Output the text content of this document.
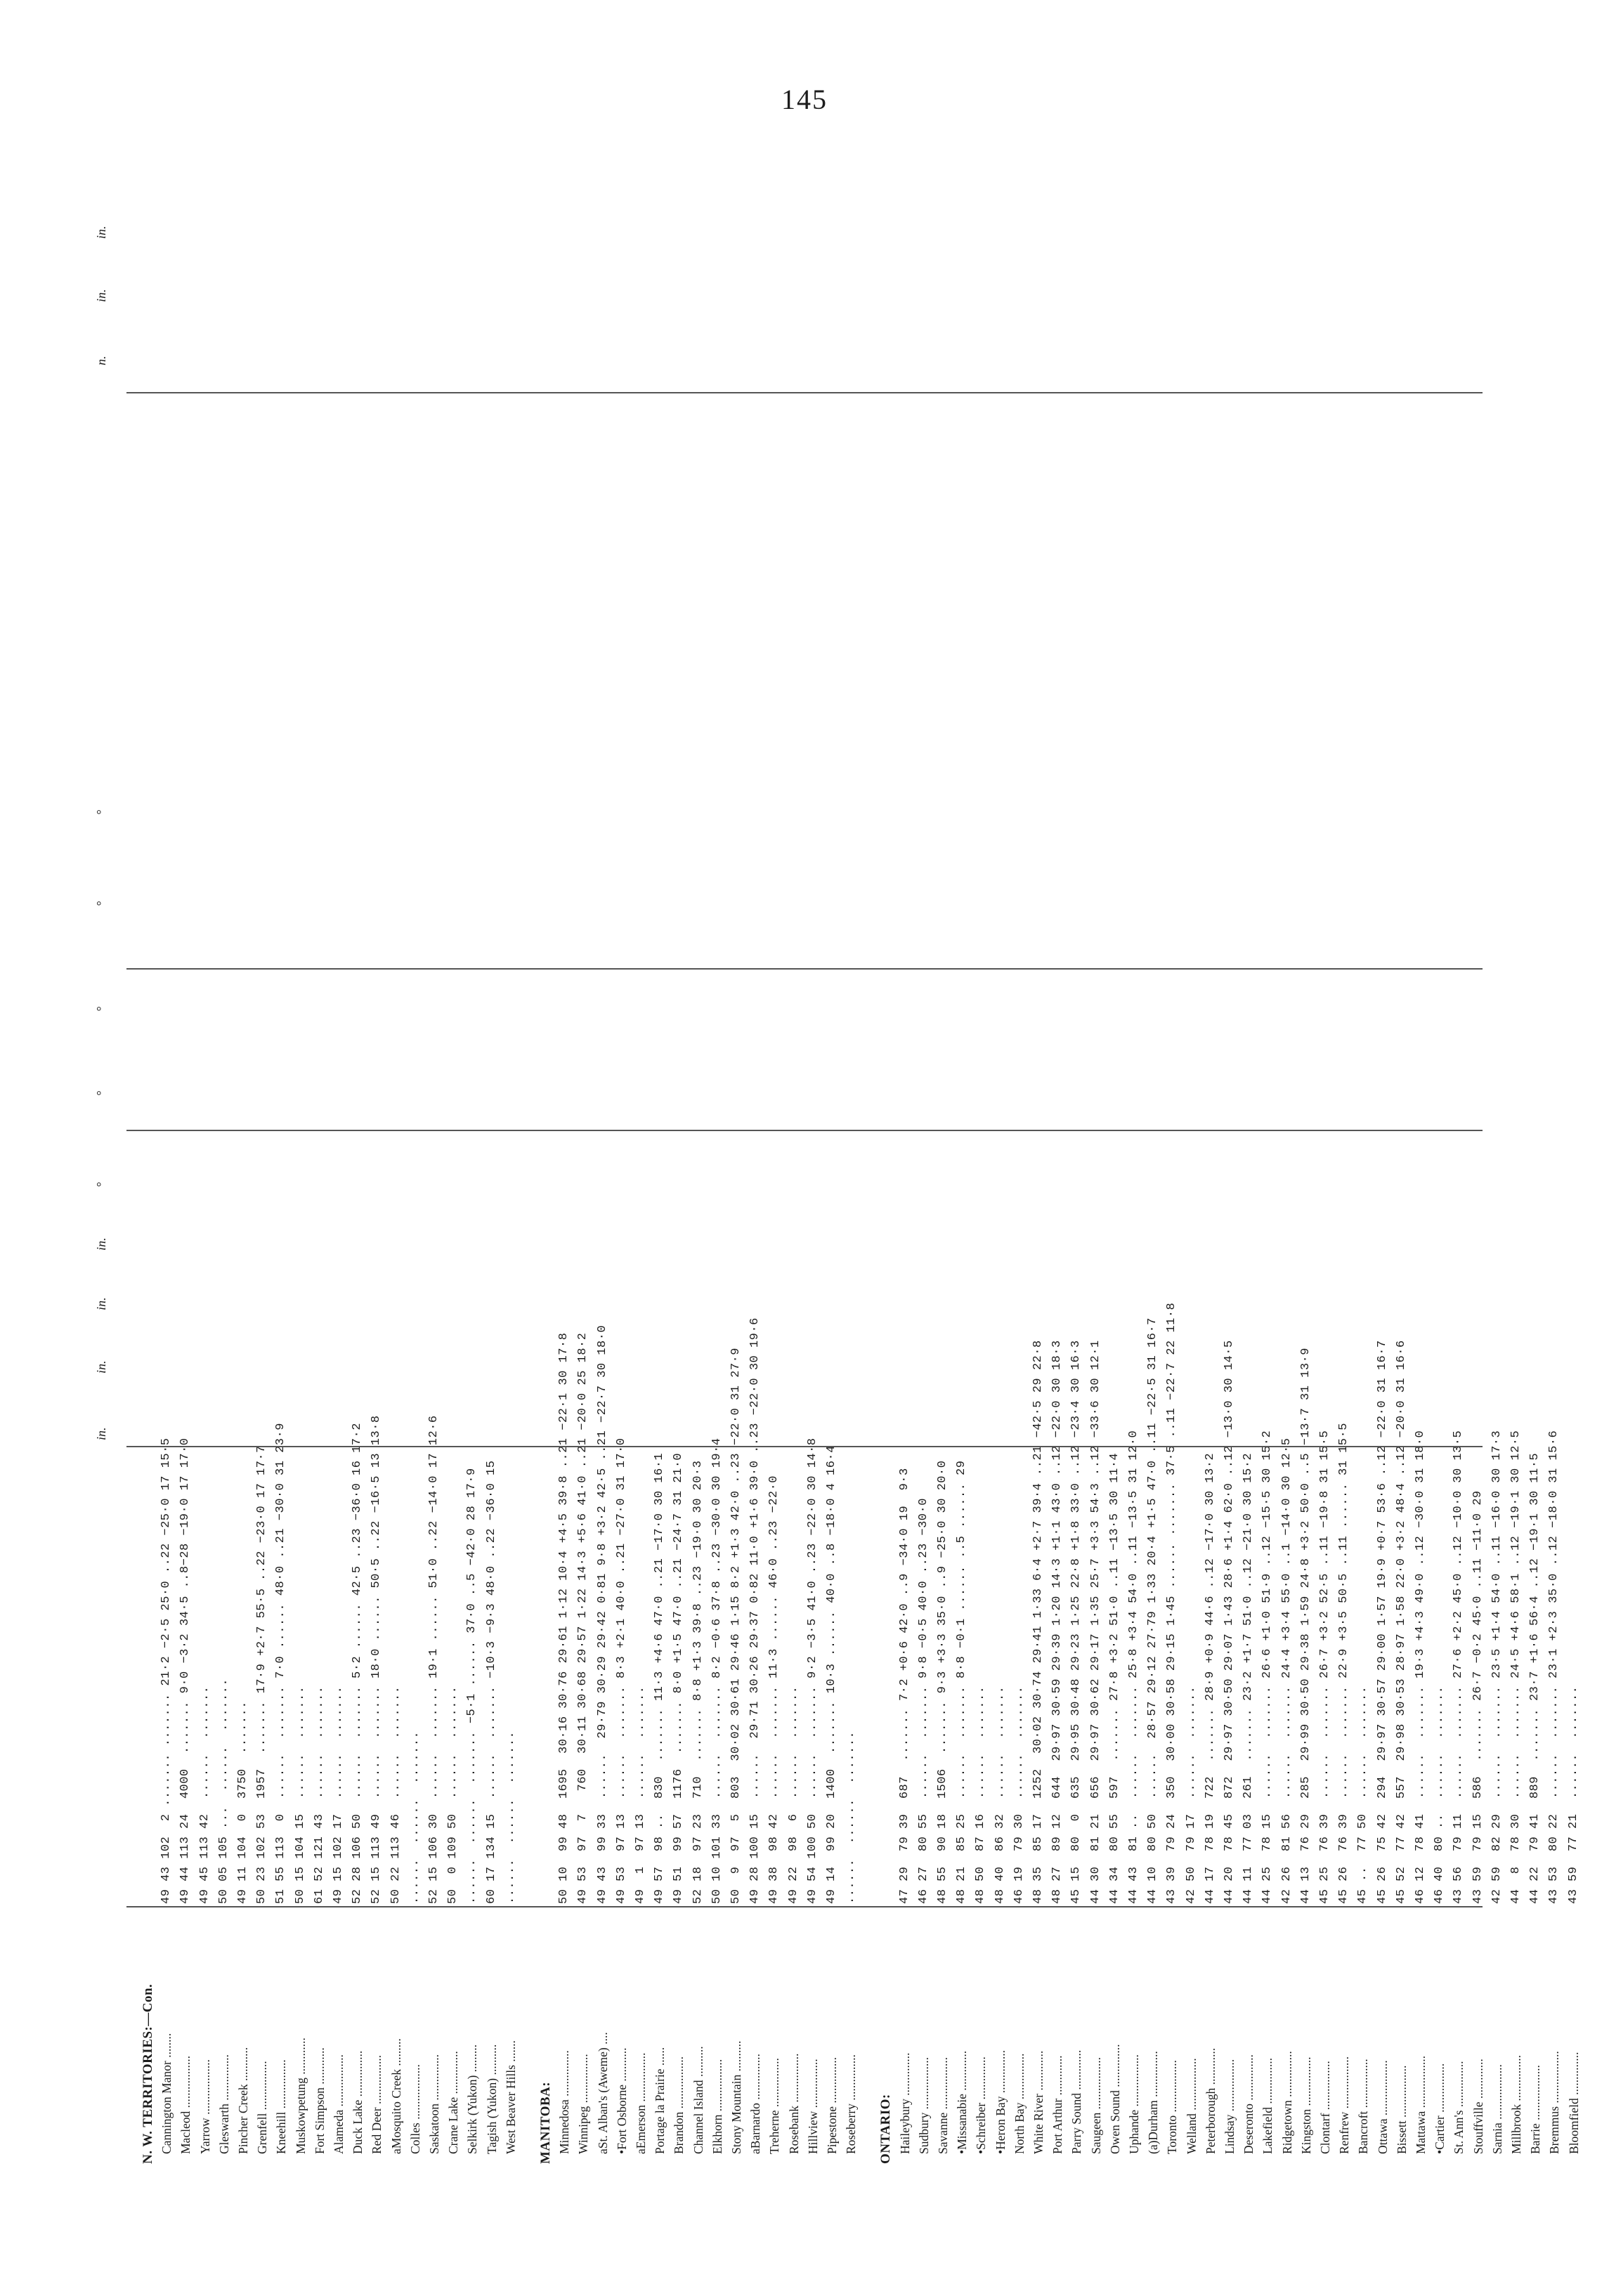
145
in.
in.
in.
in.
°
°
°
°
°
n.
in.
in.
N. W. TERRITORIES:—Con. Cannington Manor ........
49 43 102  2 ....... ....... 21·2 −2·5 25·0 ..22 −25·0 17 15·5
Macleod .................
49 44 113 24  4000  ....... 9·0 −3·2 34·5 ..8−28 −19·0 17 17·0
Yarrow ..................
49 45 113 42  ......  .......
Gleswarth ...............
50 05 105 ...  ......  .......
Pincher Creek ...........
49 11 104  0  3750  .......
Grenfell ................
50 23 102 53  1957  ....... 17·9 +2·7 55·5 ..22 −23·0 17 17·7
Kneehill ................
51 55 113  0  ......  ....... 7·0 ...... 48·0 ..21 −30·0 31 23·9
Muskowpetung ............
50 15 104 15  ......  .......
Fort Simpson ............
61 52 121 43  ......  .......
Alameda .................
49 15 102 17  ......  .......
Duck Lake ...............
52 28 106 50  ......  ....... 5·2 ...... 42·5 ..23 −36·0 16 17·2
Red Deer ................
52 15 113 49  ......  ....... 18·0 ...... 50·5 ..22 −16·5 13 13·8
aMosquito Creek .........
50 22 113 46  ......  .......
Colles ..................
......  ......  .......
Saskatoon ...............
52 15 106 30  ......  ....... 19·1 ...... 51·0 ..22 −14·0 17 12·6
Crane Lake ..............
50  0 109 50  ......  .......
Selkirk (Yukon) .........
......  ......  ....... −5·1 ...... 37·0 ..5 −42·0 28 17·9
Tagish (Yukon) ..........
60 17 134 15  ......  ....... −10·3 −9·3 48·0 ..22 −36·0 15
West Beaver Hills .......
......  ......  .......
MANITOBA: Minnedosa ...............
50 10  99 48  1695  30·16 30·76 29·61 1·12 10·4 +4·5 39·8 ..21 −22·1 30 17·8
Winnipeg ................
49 53  97  7   760  30·11 30·68 29·57 1·22 14·3 +5·6 41·0 ..21 −20·0 25 18·2
aSt. Alban's (Aweme) ....
49 43  99 33  ......  29·79 30·29 29·42 0·81 9·8 +3·2 42·5 ..21 −22·7 30 18·0
•Fort Osborne ...........
49 53  97 13  ......  ....... 8·3 +2·1 40·0 ..21 −27·0 31 17·0
aEmerson ................
49  1  97 13  ......  .......
Portage la Prairie ......
49 57  98 ..  830  ....... 11·3 +4·6 47·0 ..21 −17·0 30 16·1
Brandon .................
49 51  99 57  1176  ....... 8·0 +1·5 47·0 ..21 −24·7 31 21·0
Channel Island ..........
52 18  97 23  710  ....... 8·8 +1·3 39·8 ..23 −19·0 30 20·3
Elkhorn .................
50 10 101 33  ......  ....... 8·2 −0·6 37·8 ..23 −30·0 30 19·4
Stony Mountain ..........
50  9  97  5  803  30·02 30·61 29·46 1·15 8·2 +1·3 42·0 ..23 −22·0 31 27·9
aBarnardo ...............
49 28 100 15  ......  29·71 30·26 29·37 0·82 11·0 +1·6 39·0 ..23 −22·0 30 19·6
Treherne ................
49 38  98 42  ......  ....... 11·3 ...... 46·0 ..23 −22·0
Rosebank ................
49 22  98  6  ......  .......
Hillview ................
49 54 100 50  ......  ....... 9·2 −3·5 41·0 ..23 −22·0 30 14·8
Pipestone ...............
49 14  99 20  1400  ....... 10·3 ...... 40·0 ..8 −18·0 4 16·4
Roseberry ...............
......  ......  .......
ONTARIO: Haileybury ..............
47 29  79 39  687  ....... 7·2 +0·6 42·0 ..9 −34·0 19  9·3
Sudbury .................
46 27  80 55  ......  ....... 9·8 −0·5 40·0 ..23 −30·0
Savanne .................
48 55  90 18  1506  ....... 9·3 +3·3 35·0 ..9 −25·0 30 20·0
•Missanabie .............
48 21  85 25  ......  ....... 8·8 −0·1 ...... ..5 ...... 29
•Schreiber ..............
48 50  87 16  ......  .......
•Heron Bay ..............
48 40  86 32  ......  .......
North Bay ...............
46 19  79 30  ......  .......
White River .............
48 35  85 17  1252  30·02 30·74 29·41 1·33 6·4 +2·7 39·4 ..21 −42·5 29 22·8
Port Arthur .............
48 27  89 12  644  29·97 30·59 29·39 1·20 14·3 +1·1 43·0 ..12 −22·0 30 18·3
Parry Sound .............
45 15  80  0  635  29·95 30·48 29·23 1·25 22·8 +1·8 33·0 ..12 −23·4 30 16·3
Saugeen .................
44 30  81 21  656  29·97 30·62 29·17 1·35 25·7 +3·3 54·3 ..12 −33·6 30 12·1
Owen Sound ..............
44 34  80 55  597  ....... 27·8 +3·2 51·0 ..11 −13·5 30 11·4
Uphande .................
44 43  81 ..  ......  ....... 25·8 +3·4 54·0 ..11 −13·5 31 12·0
(a)Durham ...............
44 10  80 50  ......  28·57 29·12 27·79 1·33 20·4 +1·5 47·0 ..11 −22·5 31 16·7
Toronto .................
43 39  79 24  350  30·00 30·58 29·15 1·45 ...... ....... 37·5 ..11 −22·7 22 11·8
Welland .................
42 50  79 17  ......  .......
Peterborough ............
44 17  78 19  722  ....... 28·9 +0·9 44·6 ..12 −17·0 30 13·2
Lindsay .................
44 20  78 45  872  29·97 30·50 29·07 1·43 28·6 +1·4 62·0 ..12 −13·0 30 14·5
Deseronto ...............
44 11  77 03  261  ....... 23·2 +1·7 51·0 ..12 −21·0 30 15·2
Lakefield ...............
44 25  78 15  ......  ....... 26·6 +1·0 51·9 ..12 −15·5 30 15·2
Ridgetown ...............
42 26  81 56  ......  ....... 24·4 +3·4 55·0 ..1 −14·0 30 12·5
Kingston ................
44 13  76 29  285  29·99 30·50 29·38 1·59 24·8 +3·2 50·0 ..5 −13·7 31 13·9
Clontarf ................
45 25  76 39  ......  ....... 26·7 +3·2 52·5 ..11 −19·8 31 15·5
Renfrew .................
45 26  76 39  ......  ....... 22·9 +3·5 50·5 ..11 ...... 31 15·5
Bancroft ................
45 ..  77 50  ......  .......
Ottawa ..................
45 26  75 42  294  29·97 30·57 29·00 1·57 19·9 +0·7 53·6 ..12 −22·0 31 16·7
Bissett .................
45 52  77 42  557  29·98 30·53 28·97 1·58 22·0 +3·2 48·4 ..12 −20·0 31 16·6
Mattawa .................
46 12  78 41  ......  ....... 19·3 +4·3 49·0 ..12 −30·0 31 18·0
•Cartier ................
46 40  80 ..  ......  .......
St. Ann's ...............
43 56  79 11  ......  ....... 27·6 +2·2 45·0 ..12 −10·0 30 13·5
Stouffville .............
43 59  79 15  586  ....... 26·7 −0·2 45·0 ..11 −11·0 29
Sarnia ..................
42 59  82 29  ......  ....... 23·5 +1·4 54·0 ..11 −16·0 30 17·3
Millbrook ...............
44  8  78 30  ......  ....... 24·5 +4·6 58·1 ..12 −19·1 30 12·5
Barrie ..................
44 22  79 41  889  ....... 23·7 +1·6 56·4 ..12 −19·1 30 11·5
Bremmus .................
43 53  80 22  ......  ....... 23·1 +2·3 35·0 ..12 −18·0 31 15·6
Bloomfield ..............
43 59  77 21  ......  .......
